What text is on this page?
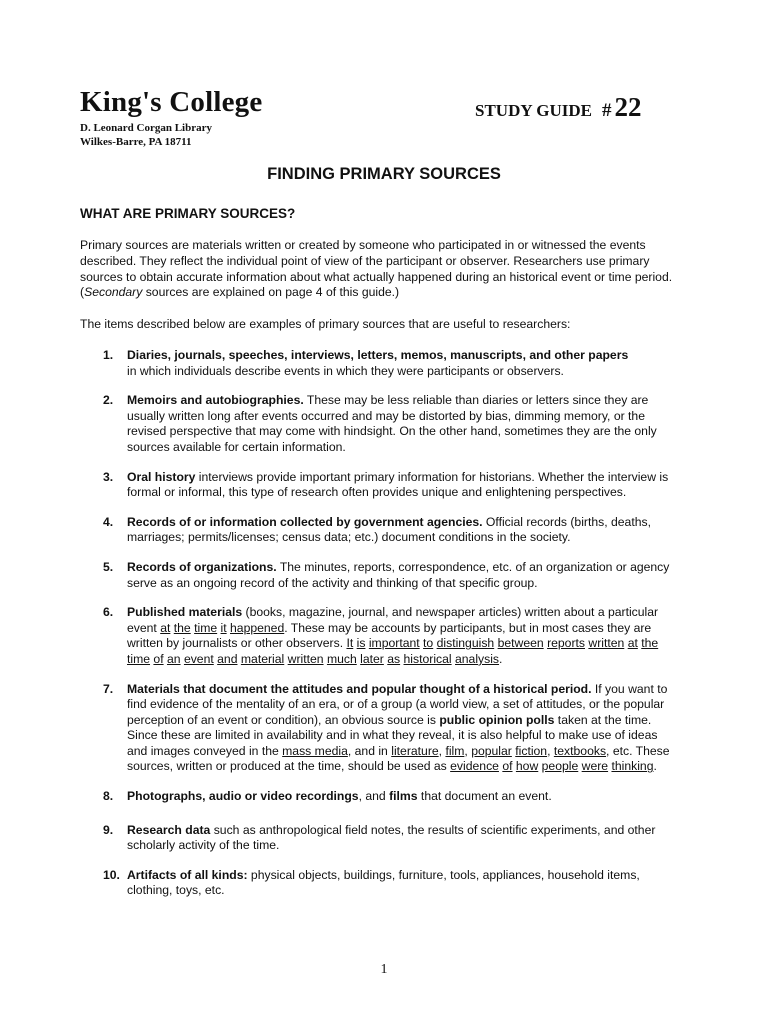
King's College
D. Leonard Corgan Library
Wilkes-Barre, PA 18711
STUDY GUIDE # 22
FINDING PRIMARY SOURCES
WHAT ARE PRIMARY SOURCES?

Primary sources are materials written or created by someone who participated in or witnessed the events described. They reflect the individual point of view of the participant or observer. Researchers use primary sources to obtain accurate information about what actually happened during an historical event or time period. (Secondary sources are explained on page 4 of this guide.)

The items described below are examples of primary sources that are useful to researchers:

1. Diaries, journals, speeches, interviews, letters, memos, manuscripts, and other papers
in which individuals describe events in which they were participants or observers.
2. Memoirs and autobiographies. These may be less reliable than diaries or letters since they are usually written long after events occurred and may be distorted by bias, dimming memory, or the revised perspective that may come with hindsight. On the other hand, sometimes they are the only sources available for certain information.
3. Oral history interviews provide important primary information for historians. Whether the interview is formal or informal, this type of research often provides unique and enlightening perspectives.
4. Records of or information collected by government agencies. Official records (births, deaths, marriages; permits/licenses; census data; etc.) document conditions in the society.
5. Records of organizations. The minutes, reports, correspondence, etc. of an organization or agency serve as an ongoing record of the activity and thinking of that specific group.
6. Published materials (books, magazine, journal, and newspaper articles) written about a particular event at the time it happened. These may be accounts by participants, but in most cases they are written by journalists or other observers. It is important to distinguish between reports written at the time of an event and material written much later as historical analysis.
7. Materials that document the attitudes and popular thought of a historical period. If you want to find evidence of the mentality of an era, or of a group (a world view, a set of attitudes, or the popular perception of an event or condition), an obvious source is public opinion polls taken at the time. Since these are limited in availability and in what they reveal, it is also helpful to make use of ideas and images conveyed in the mass media, and in literature, film, popular fiction, textbooks, etc. These sources, written or produced at the time, should be used as evidence of how people were thinking.
8. Photographs, audio or video recordings, and films that document an event.
9. Research data such as anthropological field notes, the results of scientific experiments, and other scholarly activity of the time.
10. Artifacts of all kinds: physical objects, buildings, furniture, tools, appliances, household items, clothing, toys, etc.
1
